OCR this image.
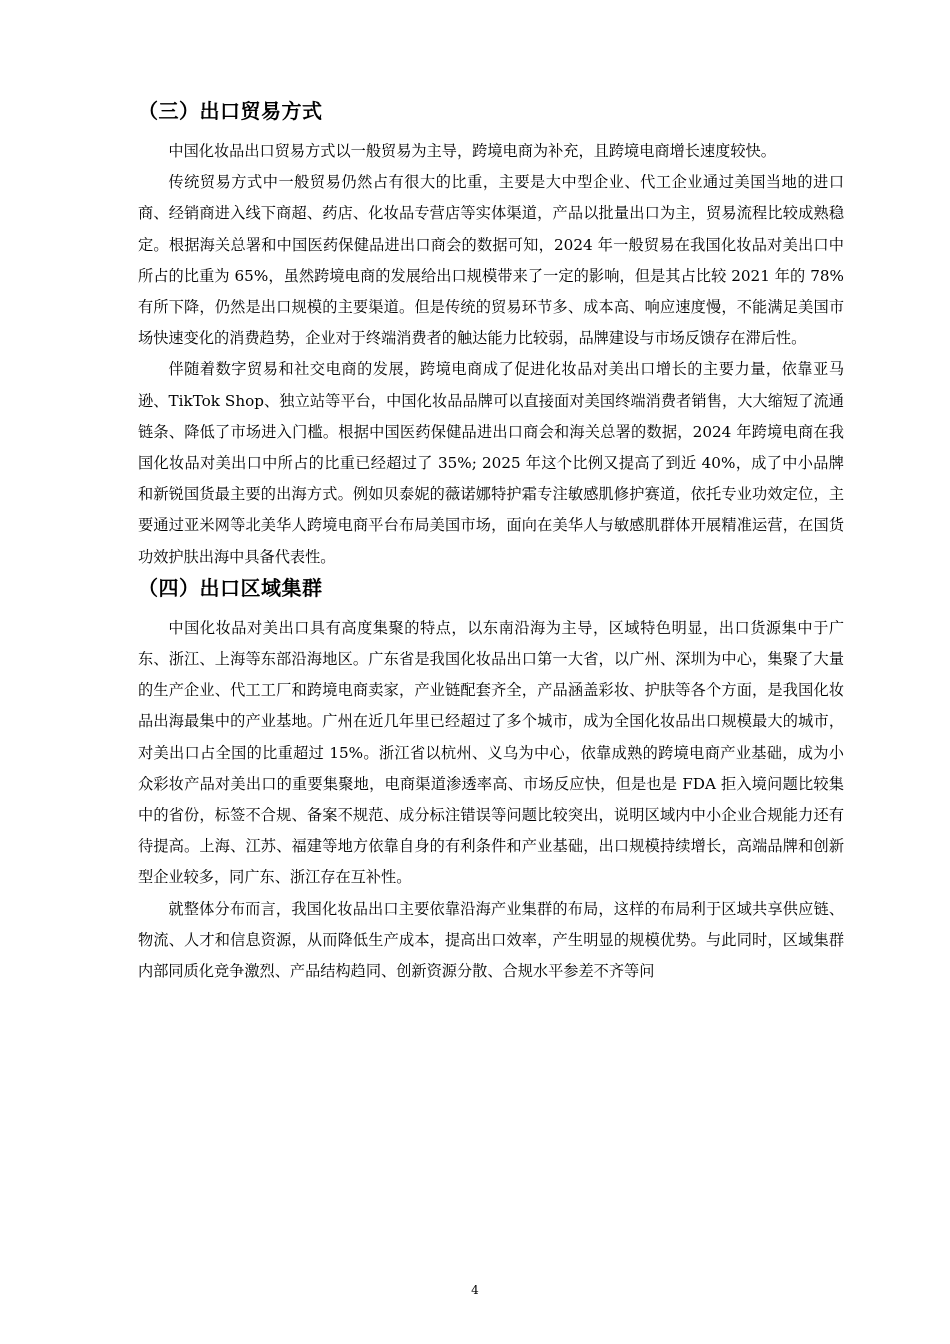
（三）出口贸易方式

中国化妆品出口贸易方式以一般贸易为主导，跨境电商为补充，且跨境电商增长速度较快。

传统贸易方式中一般贸易仍然占有很大的比重，主要是大中型企业、代工企业通过美国当地的进口商、经销商进入线下商超、药店、化妆品专营店等实体渠道，产品以批量出口为主，贸易流程比较成熟稳定。根据海关总署和中国医药保健品进出口商会的数据可知，2024 年一般贸易在我国化妆品对美出口中所占的比重为 65%，虽然跨境电商的发展给出口规模带来了一定的影响，但是其占比较 2021 年的 78%有所下降，仍然是出口规模的主要渠道。但是传统的贸易环节多、成本高、响应速度慢，不能满足美国市场快速变化的消费趋势，企业对于终端消费者的触达能力比较弱，品牌建设与市场反馈存在滞后性。

伴随着数字贸易和社交电商的发展，跨境电商成了促进化妆品对美出口增长的主要力量，依靠亚马逊、TikTok Shop、独立站等平台，中国化妆品品牌可以直接面对美国终端消费者销售，大大缩短了流通链条、降低了市场进入门槛。根据中国医药保健品进出口商会和海关总署的数据，2024 年跨境电商在我国化妆品对美出口中所占的比重已经超过了 35%; 2025 年这个比例又提高了到近 40%，成了中小品牌和新锐国货最主要的出海方式。例如贝泰妮的薇诺娜特护霜专注敏感肌修护赛道，依托专业功效定位，主要通过亚米网等北美华人跨境电商平台布局美国市场，面向在美华人与敏感肌群体开展精准运营，在国货功效护肤出海中具备代表性。

（四）出口区域集群

中国化妆品对美出口具有高度集聚的特点，以东南沿海为主导，区域特色明显，出口货源集中于广东、浙江、上海等东部沿海地区。广东省是我国化妆品出口第一大省，以广州、深圳为中心，集聚了大量的生产企业、代工工厂和跨境电商卖家，产业链配套齐全，产品涵盖彩妆、护肤等各个方面，是我国化妆品出海最集中的产业基地。广州在近几年里已经超过了多个城市，成为全国化妆品出口规模最大的城市，对美出口占全国的比重超过 15%。浙江省以杭州、义乌为中心，依靠成熟的跨境电商产业基础，成为小众彩妆产品对美出口的重要集聚地，电商渠道渗透率高、市场反应快，但是也是 FDA 拒入境问题比较集中的省份，标签不合规、备案不规范、成分标注错误等问题比较突出，说明区域内中小企业合规能力还有待提高。上海、江苏、福建等地方依靠自身的有利条件和产业基础，出口规模持续增长，高端品牌和创新型企业较多，同广东、浙江存在互补性。

就整体分布而言，我国化妆品出口主要依靠沿海产业集群的布局，这样的布局利于区域共享供应链、物流、人才和信息资源，从而降低生产成本，提高出口效率，产生明显的规模优势。与此同时，区域集群内部同质化竞争激烈、产品结构趋同、创新资源分散、合规水平参差不齐等问

4
